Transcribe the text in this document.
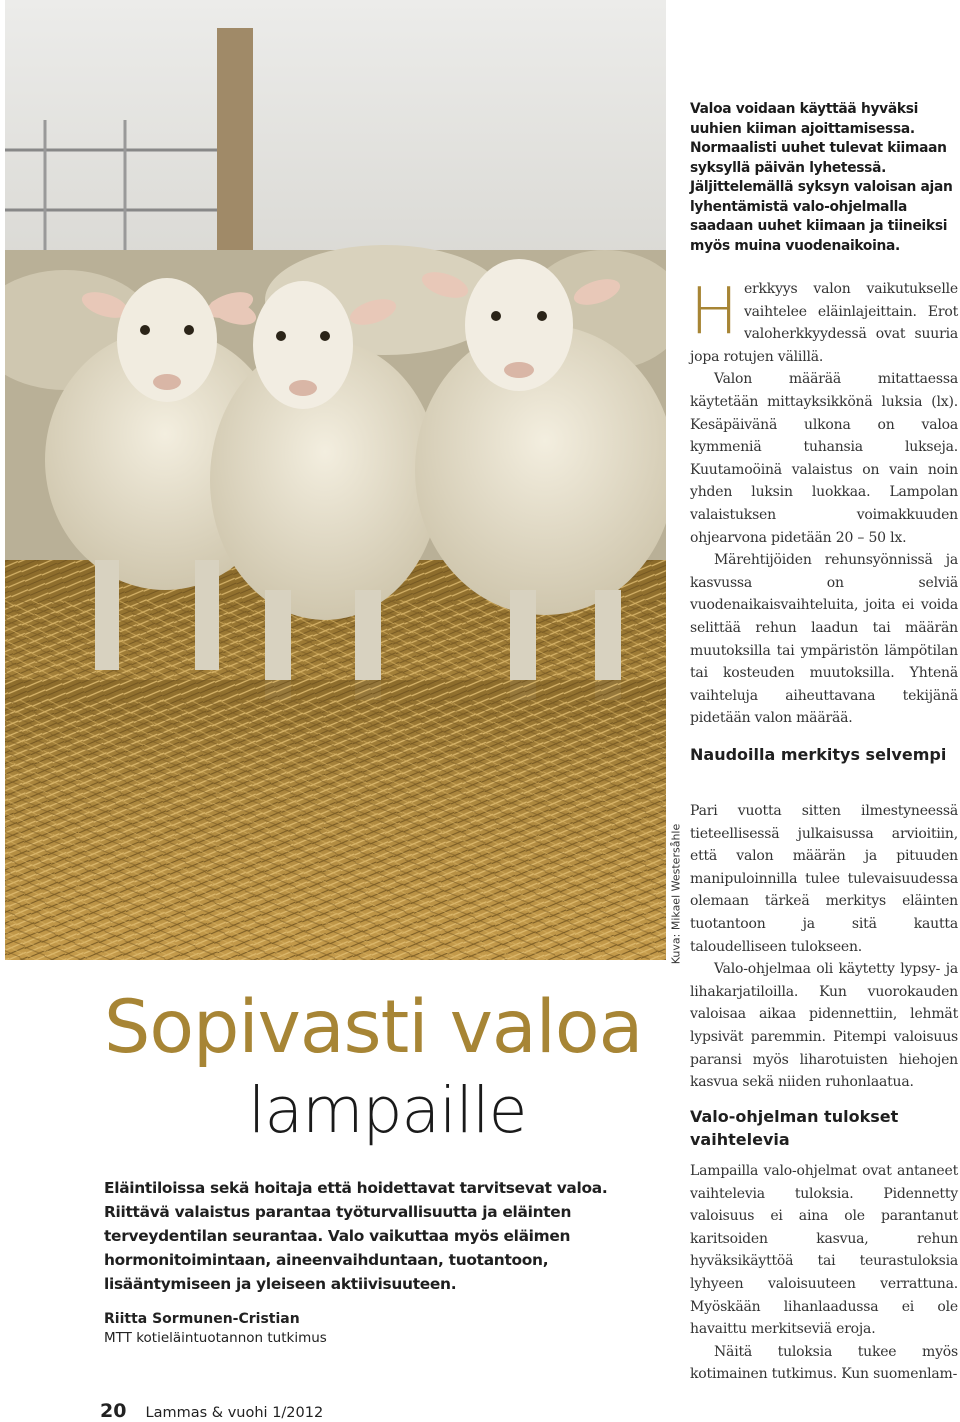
Kuva: Mikael Westersåhle
Sopivasti valoa
lampaille
Eläintiloissa sekä hoitaja että hoidettavat tarvitsevat valoa. Riittävä valaistus parantaa työturvallisuutta ja eläinten terveydentilan seurantaa. Valo vaikuttaa myös eläimen hormonitoimintaan, aineenvaihduntaan, tuotantoon, lisääntymiseen ja yleiseen aktiivisuuteen.
Riitta Sormunen-Cristian
MTT kotieläintuotannon tutkimus
20 Lammas & vuohi 1/2012
Valoa voidaan käyttää hyväksi uuhien kiiman ajoittamisessa. Normaalisti uuhet tulevat kiimaan syksyllä päivän lyhetessä. Jäljittelemällä syksyn valoisan ajan lyhentämistä valo-ohjelmalla saadaan uuhet kiimaan ja tiineiksi myös muina vuodenaikoina.
H erkkyys valon vaikutukselle vaihtelee eläinlajeittain. Erot valoherkkyydessä ovat suuria jopa rotujen välillä.

Valon määrää mitattaessa käytetään mittayksikkönä luksia (lx). Kesäpäivänä ulkona on valoa kymmeniä tuhansia lukseja. Kuutamoöinä valaistus on vain noin yhden luksin luokkaa. Lampolan valaistuksen voimakkuuden ohjearvona pidetään 20 – 50 lx.

Märehtijöiden rehunsyönnissä ja kasvussa on selviä vuodenaikaisvaihteluita, joita ei voida selittää rehun laadun tai määrän muutoksilla tai ympäristön lämpötilan tai kosteuden muutoksilla. Yhtenä vaihteluja aiheuttavana tekijänä pidetään valon määrää.

Naudoilla merkitys selvempi

Pari vuotta sitten ilmestyneessä tieteellisessä julkaisussa arvioitiin, että valon määrän ja pituuden manipuloinnilla tulee tulevaisuudessa olemaan tärkeä merkitys eläinten tuotantoon ja sitä kautta taloudelliseen tulokseen.

Valo-ohjelmaa oli käytetty lypsy- ja lihakarjatiloilla. Kun vuorokauden valoisaa aikaa pidennettiin, lehmät lypsivät paremmin. Pitempi valoisuus paransi myös liharotuisten hiehojen kasvua sekä niiden ruhonlaatua.

Valo-ohjelman tulokset vaihtelevia

Lampailla valo-ohjelmat ovat antaneet vaihtelevia tuloksia. Pidennetty valoisuus ei aina ole parantanut karitsoiden kasvua, rehun hyväksikäyttöä tai teurastuloksia lyhyeen valoisuuteen verrattuna. Myöskään lihanlaadussa ei ole havaittu merkitseviä eroja.

Näitä tuloksia tukee myös kotimainen tutkimus. Kun suomenlam-
